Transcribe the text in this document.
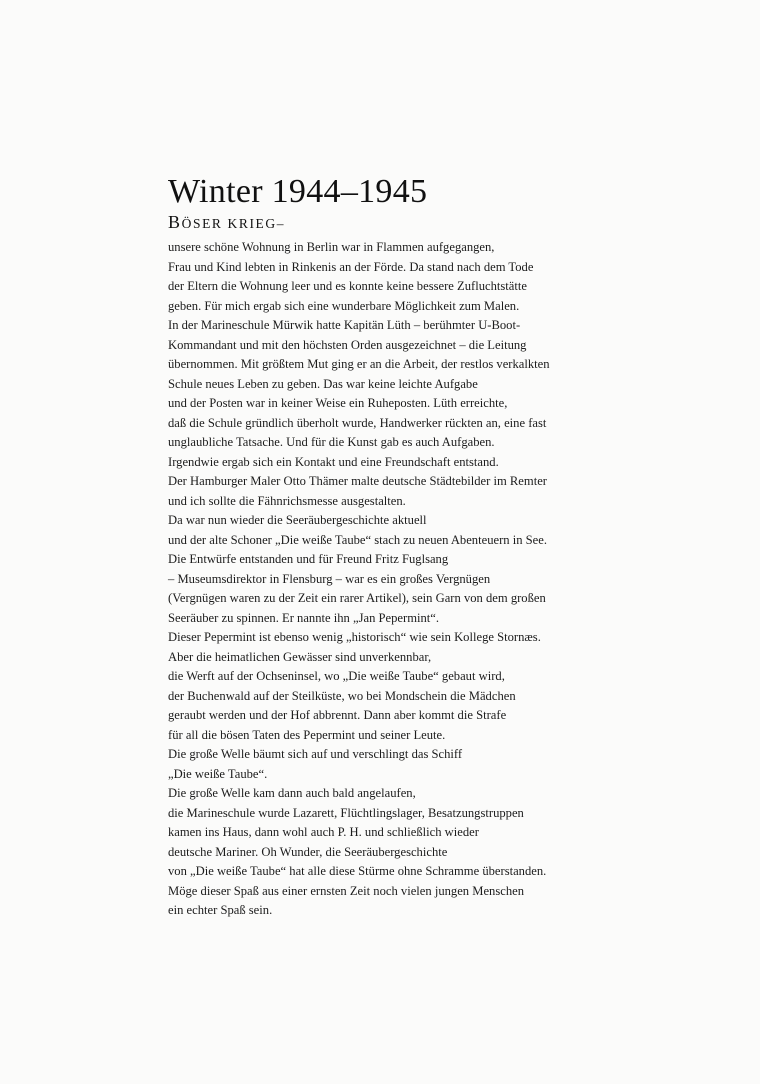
Winter 1944–1945
BÖSER KRIEG–
unsere schöne Wohnung in Berlin war in Flammen aufgegangen,
Frau und Kind lebten in Rinkenis an der Förde. Da stand nach dem Tode
der Eltern die Wohnung leer und es konnte keine bessere Zufluchtstätte
geben. Für mich ergab sich eine wunderbare Möglichkeit zum Malen.
In der Marineschule Mürwik hatte Kapitän Lüth – berühmter U-Boot-
Kommandant und mit den höchsten Orden ausgezeichnet – die Leitung
übernommen. Mit größtem Mut ging er an die Arbeit, der restlos verkalkten
Schule neues Leben zu geben. Das war keine leichte Aufgabe
und der Posten war in keiner Weise ein Ruheposten. Lüth erreichte,
daß die Schule gründlich überholt wurde, Handwerker rückten an, eine fast
unglaubliche Tatsache. Und für die Kunst gab es auch Aufgaben.
Irgendwie ergab sich ein Kontakt und eine Freundschaft entstand.
Der Hamburger Maler Otto Thämer malte deutsche Städtebilder im Remter
und ich sollte die Fähnrichsmesse ausgestalten.
Da war nun wieder die Seeräubergeschichte aktuell
und der alte Schoner „Die weiße Taube“ stach zu neuen Abenteuern in See.
Die Entwürfe entstanden und für Freund Fritz Fuglsang
– Museumsdirektor in Flensburg – war es ein großes Vergnügen
(Vergnügen waren zu der Zeit ein rarer Artikel), sein Garn von dem großen
Seeräuber zu spinnen. Er nannte ihn „Jan Pepermint“.
Dieser Pepermint ist ebenso wenig „historisch“ wie sein Kollege Stornæs.
Aber die heimatlichen Gewässer sind unverkennbar,
die Werft auf der Ochseninsel, wo „Die weiße Taube“ gebaut wird,
der Buchenwald auf der Steilküste, wo bei Mondschein die Mädchen
geraubt werden und der Hof abbrennt. Dann aber kommt die Strafe
für all die bösen Taten des Pepermint und seiner Leute.
Die große Welle bäumt sich auf und verschlingt das Schiff
„Die weiße Taube“.
Die große Welle kam dann auch bald angelaufen,
die Marineschule wurde Lazarett, Flüchtlingslager, Besatzungstruppen
kamen ins Haus, dann wohl auch P. H. und schließlich wieder
deutsche Mariner. Oh Wunder, die Seeräubergeschichte
von „Die weiße Taube“ hat alle diese Stürme ohne Schramme überstanden.
Möge dieser Spaß aus einer ernsten Zeit noch vielen jungen Menschen
ein echter Spaß sein.
